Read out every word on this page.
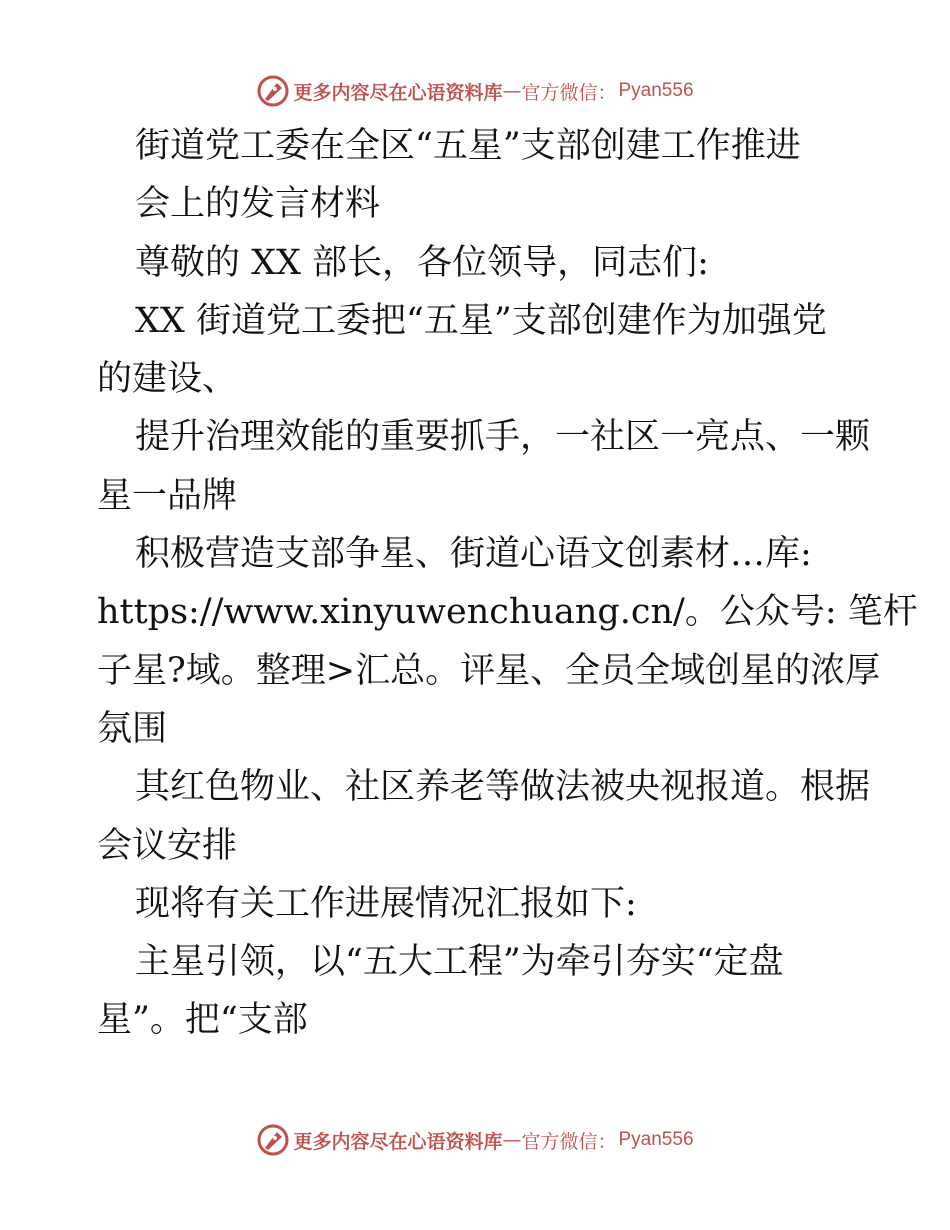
更多内容尽在心语资料库 — 官方微信： Pyan556

街道党工委在全区“五星”支部创建工作推进

会上的发言材料

尊敬的 XX 部长，各位领导，同志们:

XX 街道党工委把“五星”支部创建作为加强党

的建设、

提升治理效能的重要抓手，一社区一亮点、一颗

星一品牌

积极营造支部争星、街道心语文创素材…库:

https://www.xinyuwenchuang.cn/。公众号: 笔杆

子星?域。整理>汇总。评星、全员全域创星的浓厚

氛围

其红色物业、社区养老等做法被央视报道。根据

会议安排

现将有关工作进展情况汇报如下:

主星引领，以“五大工程”为牵引夯实“定盘

星”。把“支部

更多内容尽在心语资料库 — 官方微信： Pyan556
